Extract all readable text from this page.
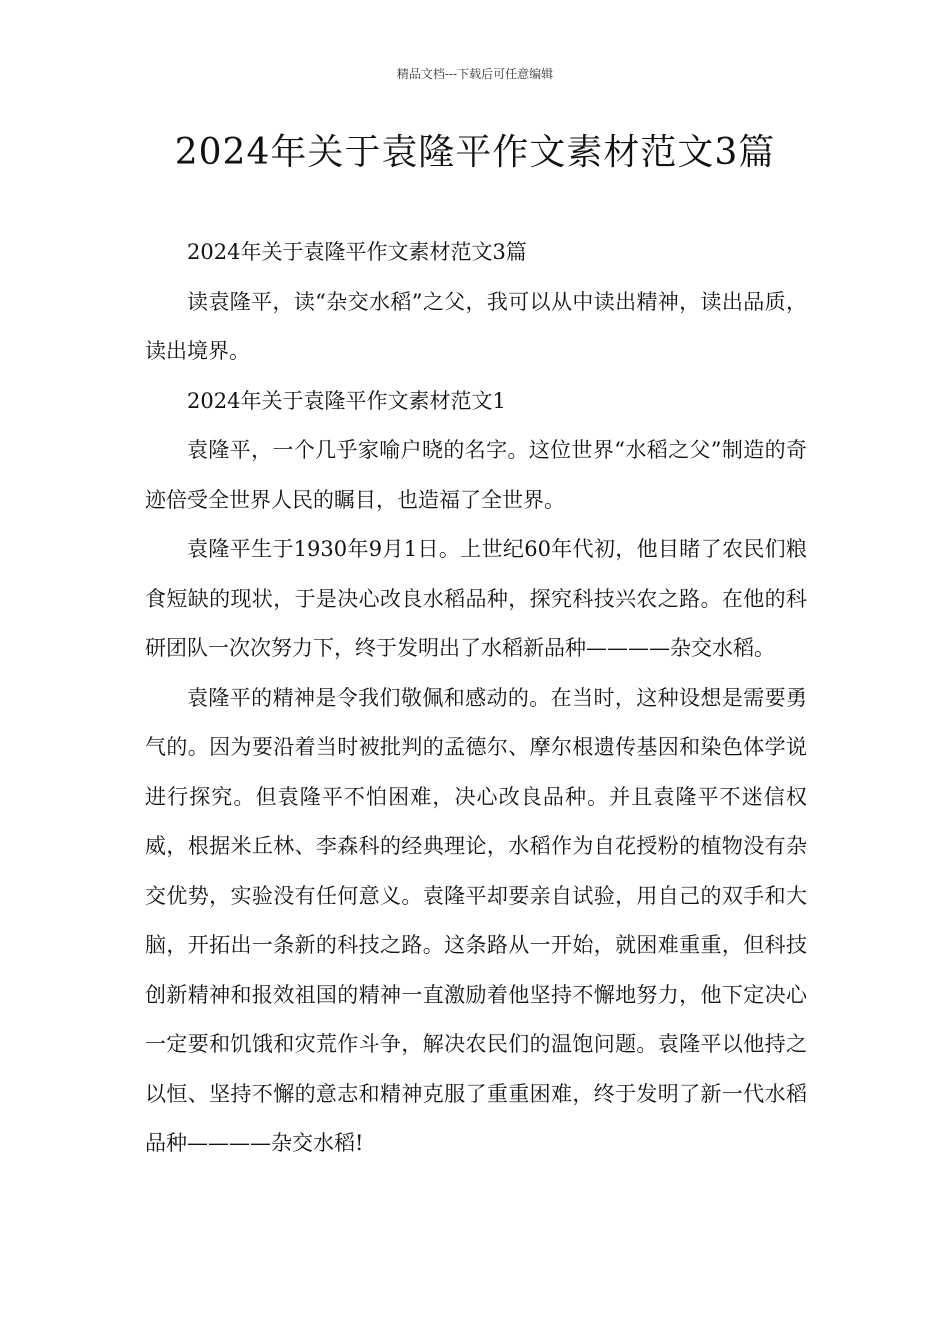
精品文档---下载后可任意编辑
2024年关于袁隆平作文素材范文3篇

2024年关于袁隆平作文素材范文3篇

读袁隆平，读“杂交水稻”之父，我可以从中读出精神，读出品质，读出境界。

2024年关于袁隆平作文素材范文1

袁隆平，一个几乎家喻户晓的名字。这位世界“水稻之父”制造的奇迹倍受全世界人民的瞩目，也造福了全世界。

袁隆平生于1930年9月1日。上世纪60年代初，他目睹了农民们粮食短缺的现状，于是决心改良水稻品种，探究科技兴农之路。在他的科研团队一次次努力下，终于发明出了水稻新品种————杂交水稻。

袁隆平的精神是令我们敬佩和感动的。在当时，这种设想是需要勇气的。因为要沿着当时被批判的孟德尔、摩尔根遗传基因和染色体学说进行探究。但袁隆平不怕困难，决心改良品种。并且袁隆平不迷信权威，根据米丘林、李森科的经典理论，水稻作为自花授粉的植物没有杂交优势，实验没有任何意义。袁隆平却要亲自试验，用自己的双手和大脑，开拓出一条新的科技之路。这条路从一开始，就困难重重，但科技创新精神和报效祖国的精神一直激励着他坚持不懈地努力，他下定决心一定要和饥饿和灾荒作斗争，解决农民们的温饱问题。袁隆平以他持之以恒、坚持不懈的意志和精神克服了重重困难，终于发明了新一代水稻品种————杂交水稻!
